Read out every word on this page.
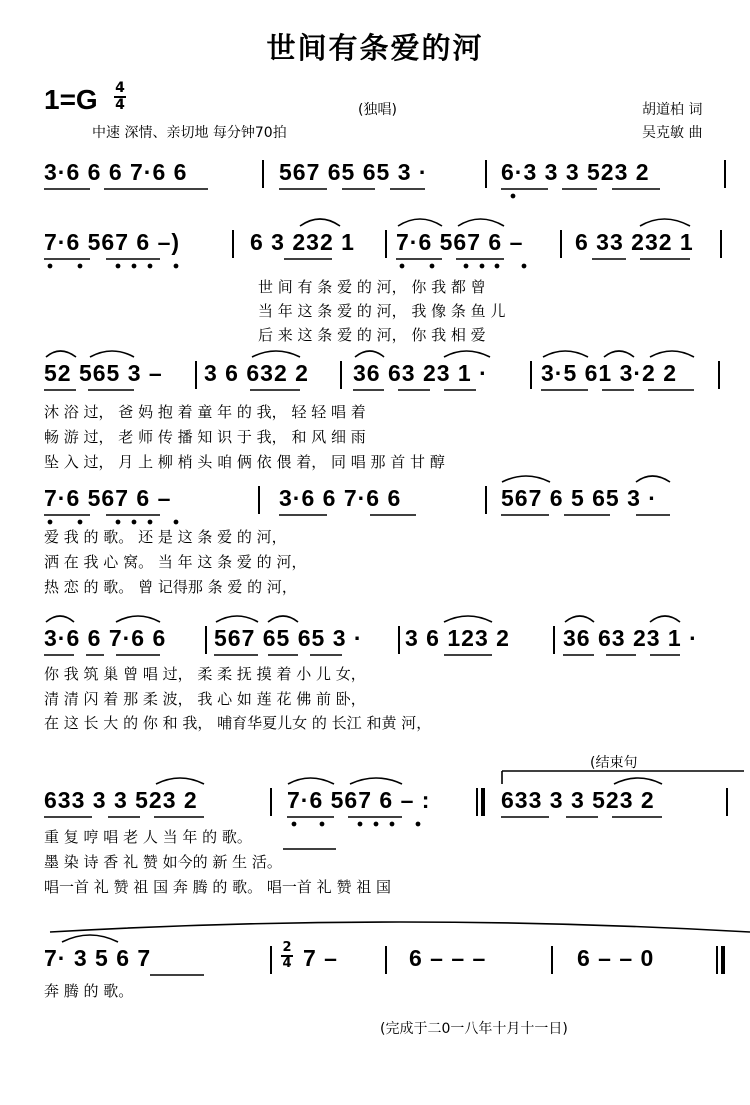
世间有条爱的河
1=G 4
4	(独唱)
中速 深情、亲切地 每分钟70拍
胡道柏 词
吴克敏 曲
3·6 6 6 7·6 6	567 65 65 3 ·	6·3 3 3 523 2
7·6 567 6 –)	6 3 232 1 7·6 567 6 – 6 33 232 1
世 间 有 条 爱 的 河， 你 我 都 曾
当 年 这 条 爱 的 河， 我 像 条 鱼 儿
后 来 这 条 爱 的 河， 你 我 相 爱
52 565 3 – 3 6 632 2 36 63 23 1 · 3·5 61 3·2 2
沐 浴 过， 爸 妈 抱 着 童 年 的 我， 轻 轻 唱 着
畅 游 过， 老 师 传 播 知 识 于 我， 和 风 细 雨
坠 入 过， 月 上 柳 梢 头 咱 俩 依 偎 着， 同 唱 那 首 甘 醇
7·6 567 6 –	3·6 6 7·6 6	567 6 5 65 3 ·
爱 我 的 歌。 还 是 这 条 爱 的 河，
洒 在 我 心 窝。 当 年 这 条 爱 的 河，
热 恋 的 歌。 曾 记得那 条 爱 的 河，
3·6 6 7·6 6 567 65 65 3 · 3 6 123 2 36 63 23 1 ·
你 我 筑 巢 曾 唱 过， 柔 柔 抚 摸 着 小 儿 女，
清 清 闪 着 那 柔 波， 我 心 如 莲 花 佛 前 卧，
在 这 长 大 的 你 和 我， 哺育华夏儿女 的 长江 和黄 河，
(结束句
633 3 3 523 2	7·6 567 6 – :	633 3 3 523 2
重 复 哼 唱 老 人 当 年 的 歌。
墨 染 诗 香 礼 赞 如今的 新 生 活。
唱一首 礼 赞 祖 国 奔 腾 的 歌。 唱一首 礼 赞 祖 国
7· 3 5 6 7	2
4 7 –	6 – – –	6 – – 0
奔 腾 的 歌。
(完成于二0一八年十月十一日)
